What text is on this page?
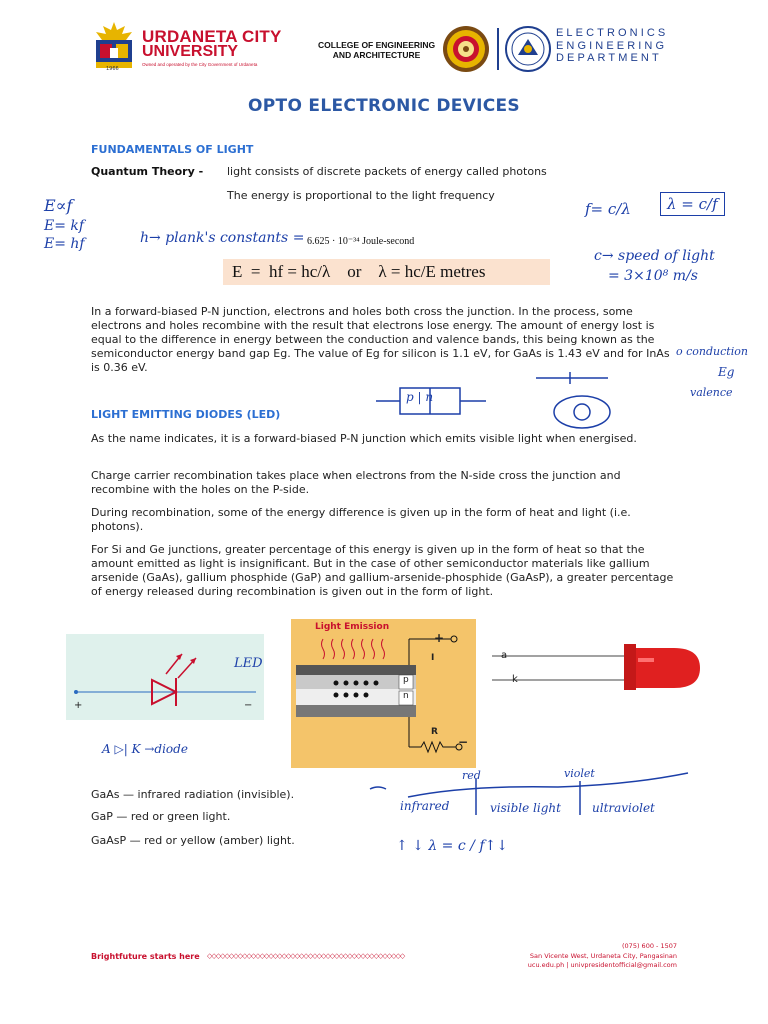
1966
URDANETA CITY
UNIVERSITY
Owned and operated by the City Government of Urdaneta
COLLEGE OF ENGINEERING
AND ARCHITECTURE
ELECTRONICS
ENGINEERING
DEPARTMENT
OPTO ELECTRONIC DEVICES
FUNDAMENTALS OF LIGHT
Quantum Theory - light consists of discrete packets of energy called photons
The energy is proportional to the light frequency
6.625 · 10⁻³⁴ Joule-second
E  =  hf = hc/λ    or    λ = hc/E metres
In a forward-biased P-N junction, electrons and holes both cross the junction. In the process, some electrons and holes recombine with the result that electrons lose energy. The amount of energy lost is equal to the difference in energy between the conduction and valence bands, this being known as the semiconductor energy band gap Eg. The value of Eg for silicon is 1.1 eV, for GaAs is 1.43 eV and for InAs is 0.36 eV.
LIGHT EMITTING DIODES (LED)
As the name indicates, it is a forward-biased P-N junction which emits visible light when energised.
Charge carrier recombination takes place when electrons from the N-side cross the junction and recombine with the holes on the P-side.
During recombination, some of the energy difference is given up in the form of heat and light (i.e. photons).
For Si and Ge junctions, greater percentage of this energy is given up in the form of heat so that the amount emitted as light is insignificant. But in the case of other semiconductor materials like gallium arsenide (GaAs), gallium phosphide (GaP) and gallium-arsenide-phosphide (GaAsP), a greater percentage of energy released during recombination is given out in the form of light.
+	−
Light Emission
p
n
I
R
+
−
a
k
GaAs — infrared radiation (invisible).
GaP — red or green light.
GaAsP — red or yellow (amber) light.
E∝f
E= kf
E= hf	h→ plank's constants =
f= c/λ	λ = c/f
c→ speed of light
= 3×10⁸ m/s
o conduction
Eg
valence
p | n
LED
A ▷| K →diode
red	violet
infrared	visible light	ultraviolet
↑ ↓ λ = c / f↑↓
Brightfuture starts here ◇◇◇◇◇◇◇◇◇◇◇◇◇◇◇◇◇◇◇◇◇◇◇◇◇◇◇◇◇◇◇◇◇◇◇◇◇◇◇◇◇◇◇◇◇
(075) 600 - 1507
San Vicente West, Urdaneta City, Pangasinan
ucu.edu.ph | univpresidentofficial@gmail.com
